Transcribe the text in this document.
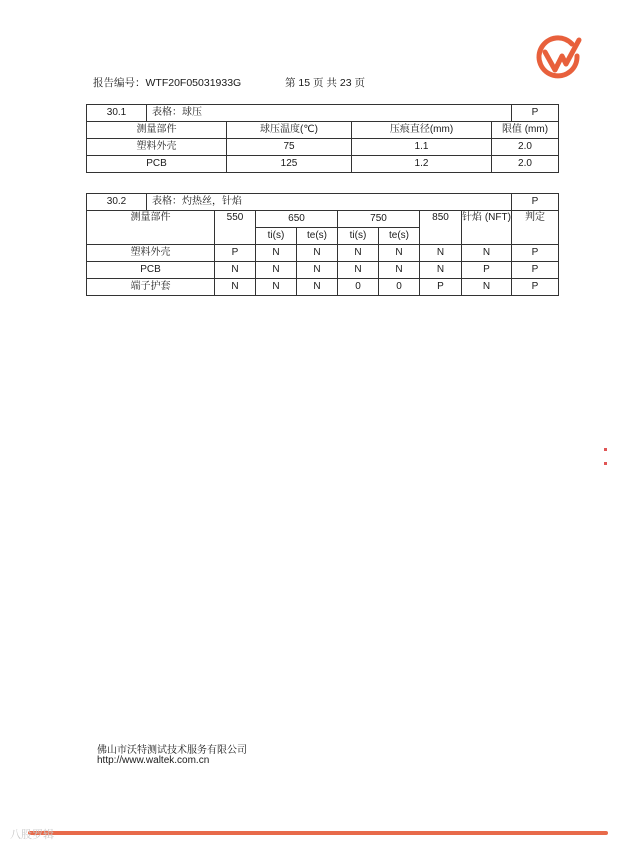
报告编号：WTF20F05031933G	第 15 页 共 23 页
30.1	表格：球压				P
测量部件		球压温度(℃)	压痕直径(mm)	限值 (mm)	
塑料外壳		75	1.1	2.0	
PCB		125	1.2	2.0	
30.2	表格：灼热丝，针焰								P
测量部件		550	650		750		850	针焰 (NFT)	判定
			ti(s)	te(s)	ti(s)	te(s)			
塑料外壳		P	N	N	N	N	N	N	P
PCB		N	N	N	N	N	N	P	P
端子护套		N	N	N	0	0	P	N	P
佛山市沃特测试技术服务有限公司
http://www.waltek.com.cn
八股罗辑
